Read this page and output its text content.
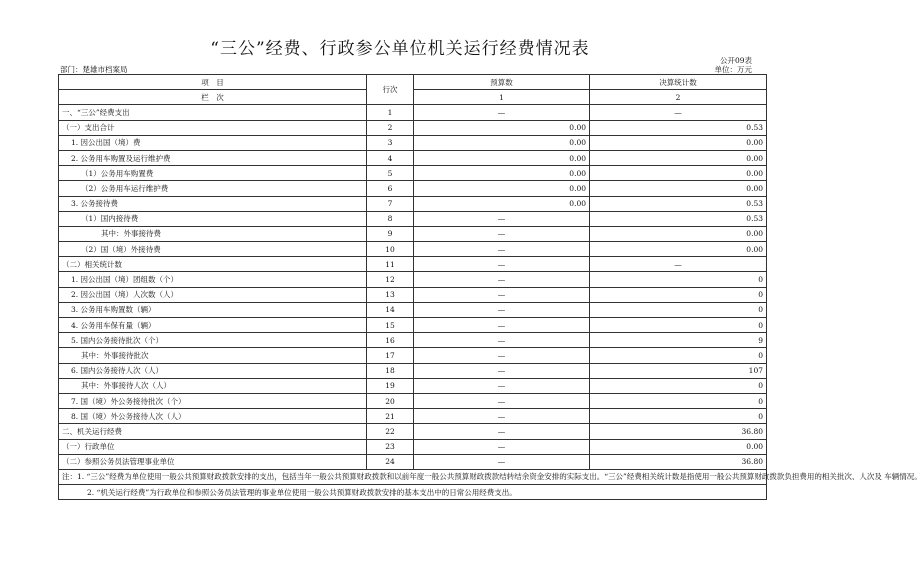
“三公”经费、行政参公单位机关运行经费情况表
公开09表
单位：万元
部门：楚雄市档案局
项　目	行次	预算数	决算统计数
栏　次		1	2
一、“三公”经费支出	1	—	—
（一）支出合计	2	0.00	0.53
1. 因公出国（境）费	3	0.00	0.00
2. 公务用车购置及运行维护费	4	0.00	0.00
（1）公务用车购置费	5	0.00	0.00
（2）公务用车运行维护费	6	0.00	0.00
3. 公务接待费	7	0.00	0.53
（1）国内接待费	8	—	0.53
其中：外事接待费	9	—	0.00
（2）国（境）外接待费	10	—	0.00
（二）相关统计数	11	—	—
1. 因公出国（境）团组数（个）	12	—	0
2. 因公出国（境）人次数（人）	13	—	0
3. 公务用车购置数（辆）	14	—	0
4. 公务用车保有量（辆）	15	—	0
5. 国内公务接待批次（个）	16	—	9
其中：外事接待批次	17	—	0
6. 国内公务接待人次（人）	18	—	107
其中：外事接待人次（人）	19	—	0
7. 国（境）外公务接待批次（个）	20	—	0
8. 国（境）外公务接待人次（人）	21	—	0
二、机关运行经费	22	—	36.80
（一）行政单位	23	—	0.00
（二）参照公务员法管理事业单位	24	—	36.80
注：1. “三公”经费为单位使用一般公共预算财政拨款安排的支出，包括当年一般公共预算财政拨款和以前年度一般公共预算财政拨款结转结余资金安排的实际支出。“三公”经费相关统计数是指使用一般公共预算财政拨款负担费用的相关批次、人次及 车辆情况。			
2. “机关运行经费”为行政单位和参照公务员法管理的事业单位使用一般公共预算财政拨款安排的基本支出中的日常公用经费支出。			
